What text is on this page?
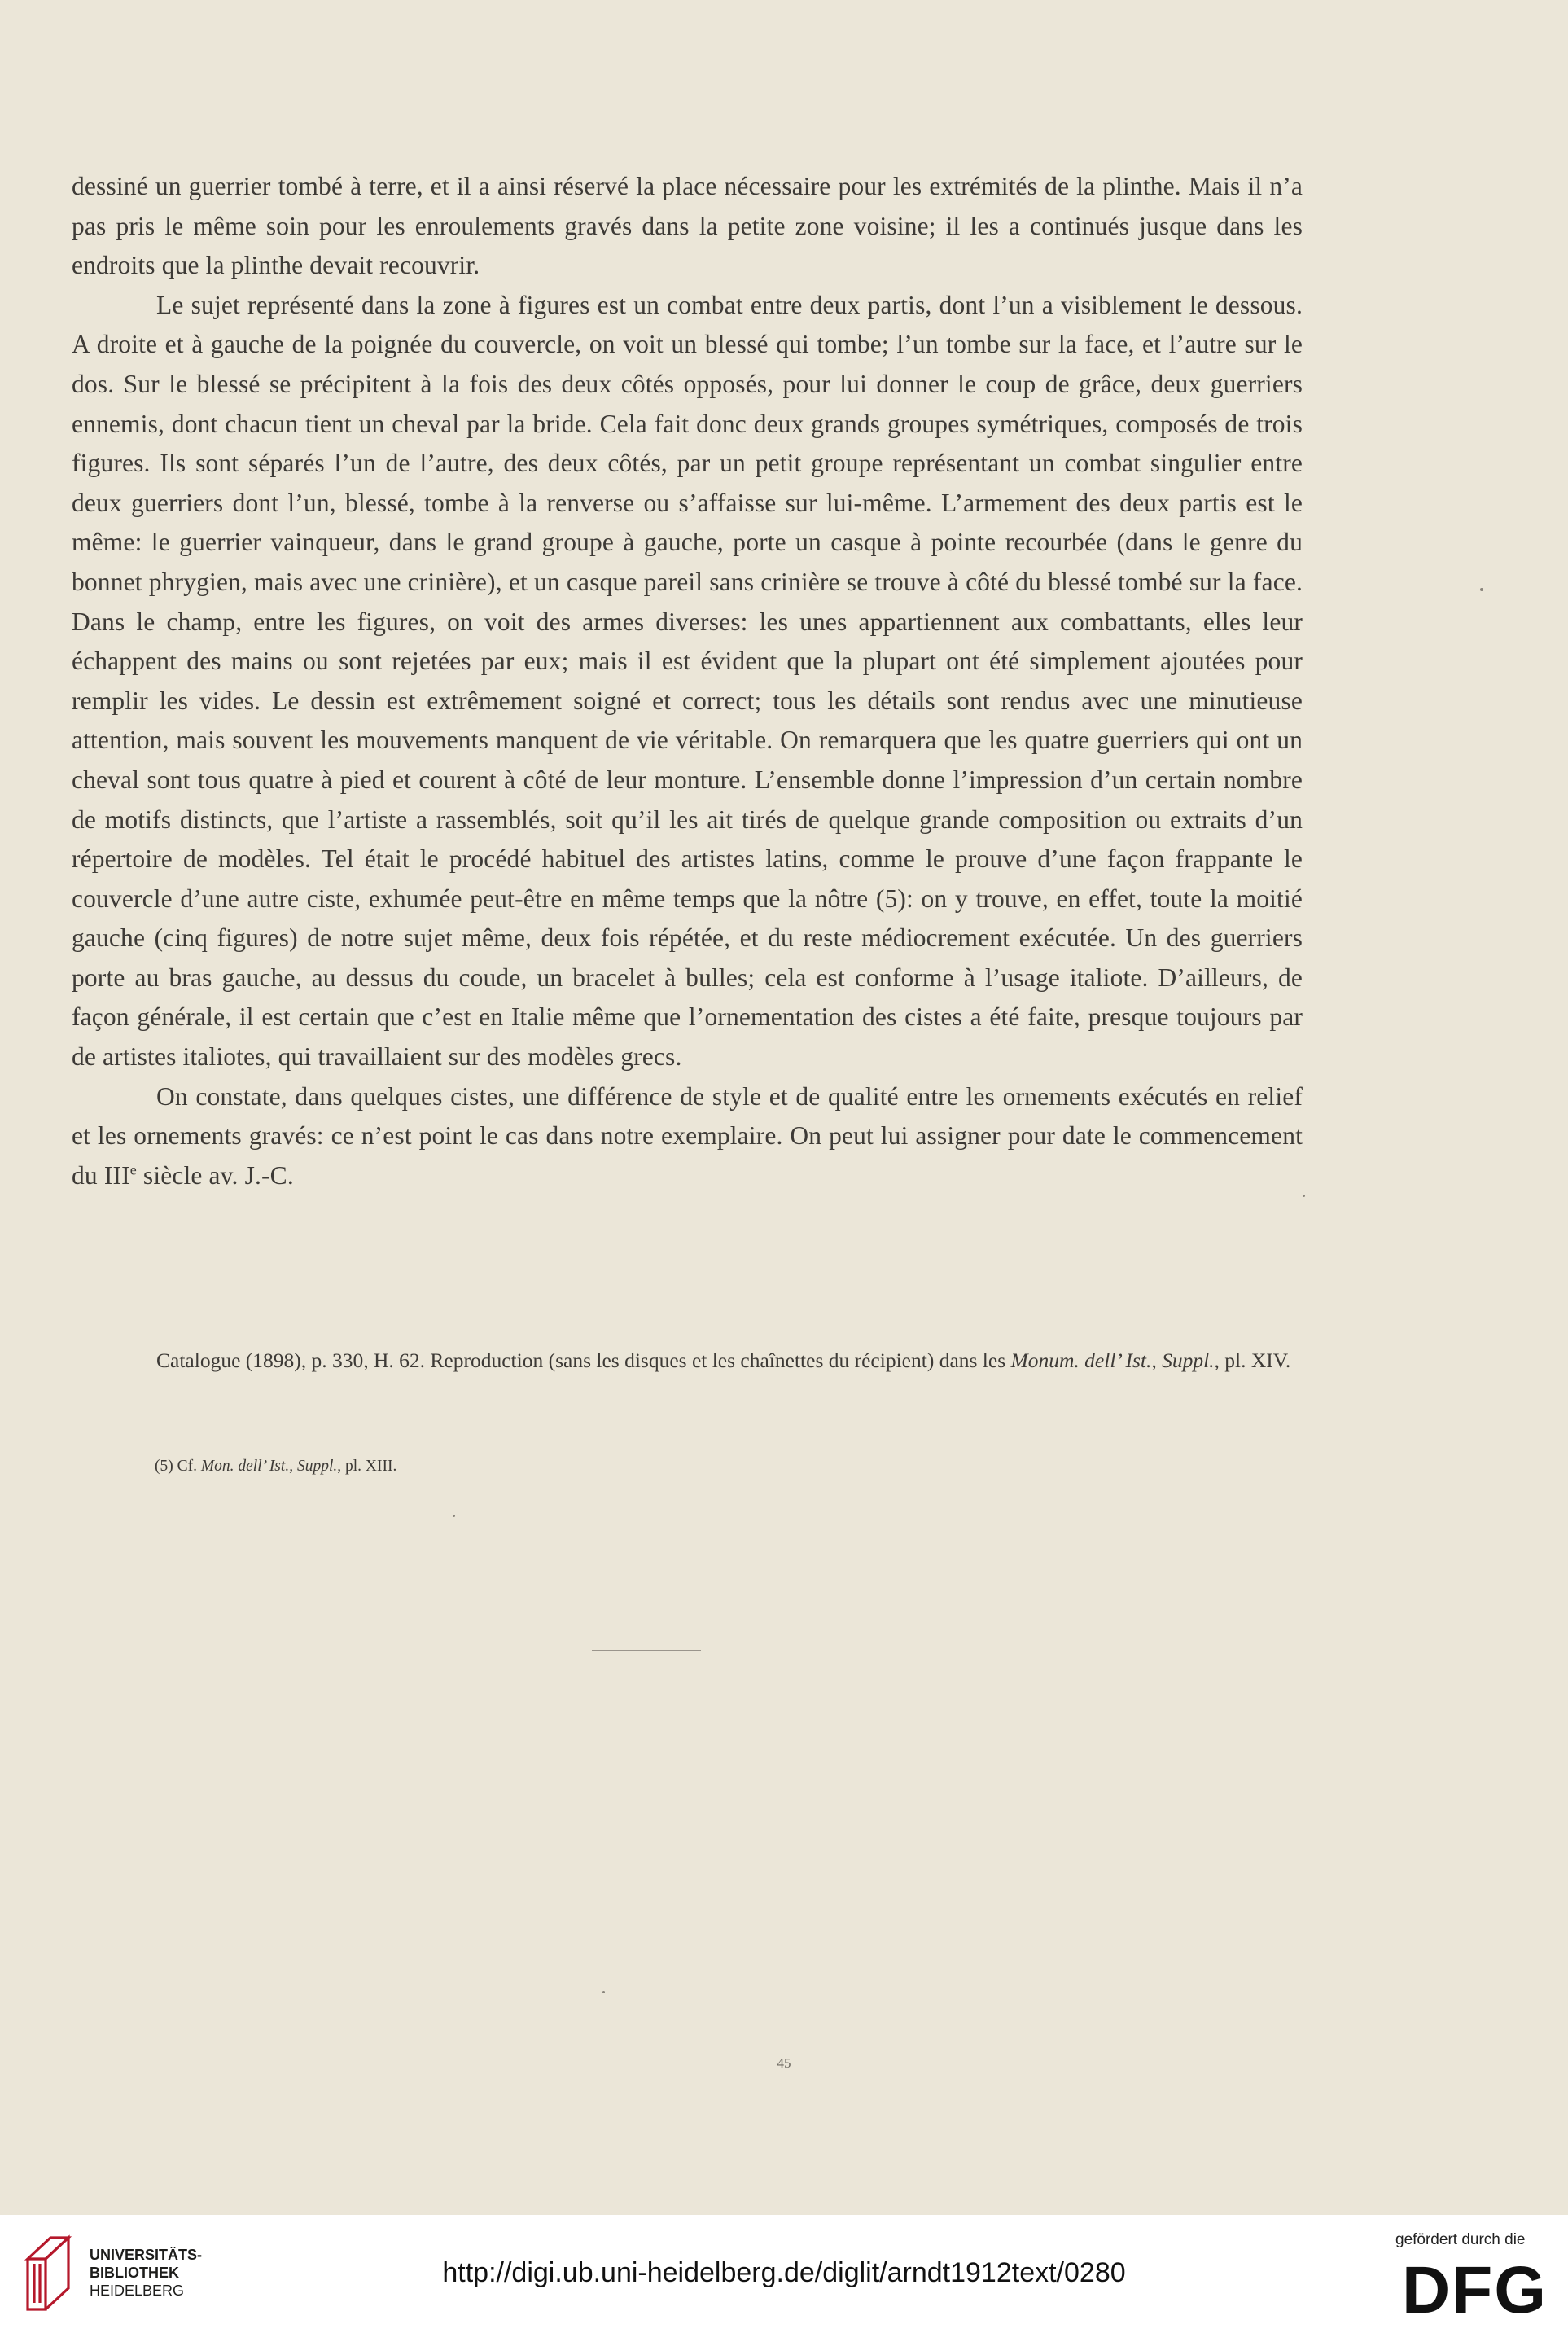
dessiné un guerrier tombé à terre, et il a ainsi réservé la place nécessaire pour les extrémités de la plinthe. Mais il n’a pas pris le même soin pour les enroulements gravés dans la petite zone voisine; il les a continués jusque dans les endroits que la plinthe devait recouvrir.

Le sujet représenté dans la zone à figures est un combat entre deux partis, dont l’un a visiblement le dessous. A droite et à gauche de la poignée du couvercle, on voit un blessé qui tombe; l’un tombe sur la face, et l’autre sur le dos. Sur le blessé se précipitent à la fois des deux côtés opposés, pour lui donner le coup de grâce, deux guerriers ennemis, dont chacun tient un cheval par la bride. Cela fait donc deux grands groupes symétriques, composés de trois figures. Ils sont séparés l’un de l’autre, des deux côtés, par un petit groupe représentant un combat singulier entre deux guerriers dont l’un, blessé, tombe à la renverse ou s’affaisse sur lui-même. L’armement des deux partis est le même: le guerrier vainqueur, dans le grand groupe à gauche, porte un casque à pointe recourbée (dans le genre du bonnet phrygien, mais avec une crinière), et un casque pareil sans crinière se trouve à côté du blessé tombé sur la face. Dans le champ, entre les figures, on voit des armes diverses: les unes appartiennent aux combattants, elles leur échappent des mains ou sont rejetées par eux; mais il est évident que la plupart ont été simplement ajoutées pour remplir les vides. Le dessin est extrêmement soigné et correct; tous les détails sont rendus avec une minutieuse attention, mais souvent les mouvements manquent de vie véritable. On remarquera que les quatre guerriers qui ont un cheval sont tous quatre à pied et courent à côté de leur monture. L’ensemble donne l’impression d’un certain nombre de motifs distincts, que l’artiste a rassemblés, soit qu’il les ait tirés de quelque grande composition ou extraits d’un répertoire de modèles. Tel était le procédé habituel des artistes latins, comme le prouve d’une façon frappante le couvercle d’une autre ciste, exhumée peut-être en même temps que la nôtre (5): on y trouve, en effet, toute la moitié gauche (cinq figures) de notre sujet même, deux fois répétée, et du reste médiocrement exécutée. Un des guerriers porte au bras gauche, au dessus du coude, un bracelet à bulles; cela est conforme à l’usage italiote. D’ailleurs, de façon générale, il est certain que c’est en Italie même que l’ornementation des cistes a été faite, presque toujours par de artistes italiotes, qui travaillaient sur des modèles grecs.

On constate, dans quelques cistes, une différence de style et de qualité entre les ornements exécutés en relief et les ornements gravés: ce n’est point le cas dans notre exemplaire. On peut lui assigner pour date le commencement du IIIe siècle av. J.-C.

Catalogue (1898), p. 330, H. 62. Reproduction (sans les disques et les chaînettes du récipient) dans les Monum. dell’ Ist., Suppl., pl. XIV.

(5) Cf. Mon. dell’ Ist., Suppl., pl. XIII.
45
UNIVERSITÄTS-
BIBLIOTHEK
HEIDELBERG
http://digi.ub.uni-heidelberg.de/diglit/arndt1912text/0280
gefördert durch die
DFG
